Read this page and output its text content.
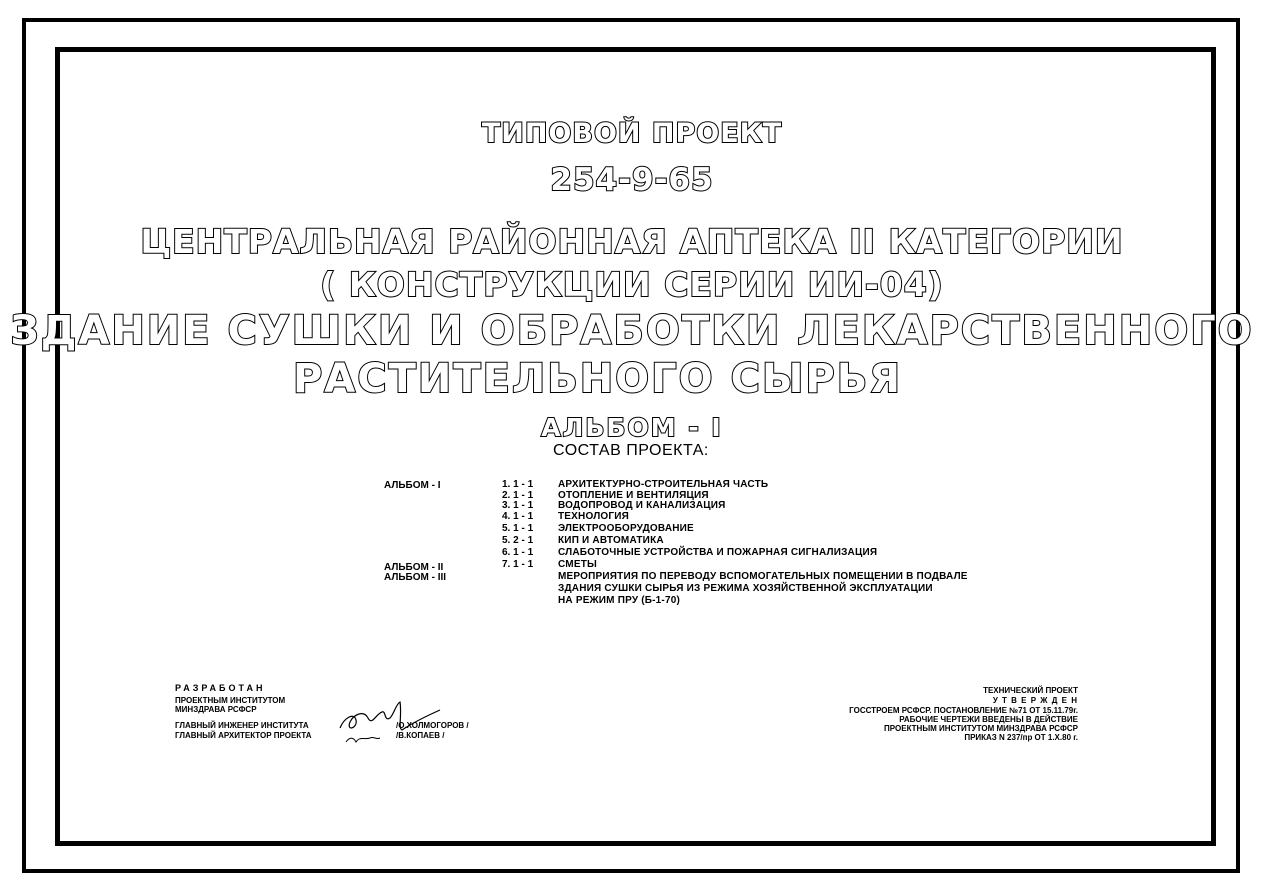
ТИПОВОЙ ПРОЕКТ
254-9-65
ЦЕНТРАЛЬНАЯ РАЙОННАЯ АПТЕКА II КАТЕГОРИИ
( КОНСТРУКЦИИ СЕРИИ ИИ-04)
ЗДАНИЕ СУШКИ И ОБРАБОТКИ ЛЕКАРСТВЕННОГО
РАСТИТЕЛЬНОГО СЫРЬЯ
АЛЬБОМ - I
СОСТАВ ПРОЕКТА:
АЛЬБОМ - I
АЛЬБОМ - II
АЛЬБОМ - III
1. 1 - 1
2. 1 - 1
3. 1 - 1
4. 1 - 1
5. 1 - 1
5. 2 - 1
6. 1 - 1
7. 1 - 1
АРХИТЕКТУРНО-СТРОИТЕЛЬНАЯ ЧАСТЬ
ОТОПЛЕНИЕ И ВЕНТИЛЯЦИЯ
ВОДОПРОВОД И КАНАЛИЗАЦИЯ
ТЕХНОЛОГИЯ
ЭЛЕКТРООБОРУДОВАНИЕ
КИП И АВТОМАТИКА
СЛАБОТОЧНЫЕ УСТРОЙСТВА И ПОЖАРНАЯ СИГНАЛИЗАЦИЯ
СМЕТЫ
МЕРОПРИЯТИЯ ПО ПЕРЕВОДУ ВСПОМОГАТЕЛЬНЫХ ПОМЕЩЕНИИ В ПОДВАЛЕ
ЗДАНИЯ СУШКИ СЫРЬЯ ИЗ РЕЖИМА ХОЗЯЙСТВЕННОЙ ЭКСПЛУАТАЦИИ
НА РЕЖИМ ПРУ (Б-1-70)
РАЗРАБОТАН
ПРОЕКТНЫМ ИНСТИТУТОМ
МИНЗДРАВА РСФСР
ГЛАВНЫЙ ИНЖЕНЕР ИНСТИТУТА
ГЛАВНЫЙ АРХИТЕКТОР ПРОЕКТА
/О.ХОЛМОГОРОВ /
/В.КОПАЕВ /
ТЕХНИЧЕСКИЙ ПРОЕКТ
У Т В Е Р Ж Д Е Н
ГОССТРОЕМ РСФСР. ПОСТАНОВЛЕНИЕ №71 ОТ 15.11.79г.
РАБОЧИЕ ЧЕРТЕЖИ ВВЕДЕНЫ В ДЕЙСТВИЕ
ПРОЕКТНЫМ ИНСТИТУТОМ МИНЗДРАВА РСФСР
ПРИКАЗ N 237/пр ОТ 1.Х.80 г.
